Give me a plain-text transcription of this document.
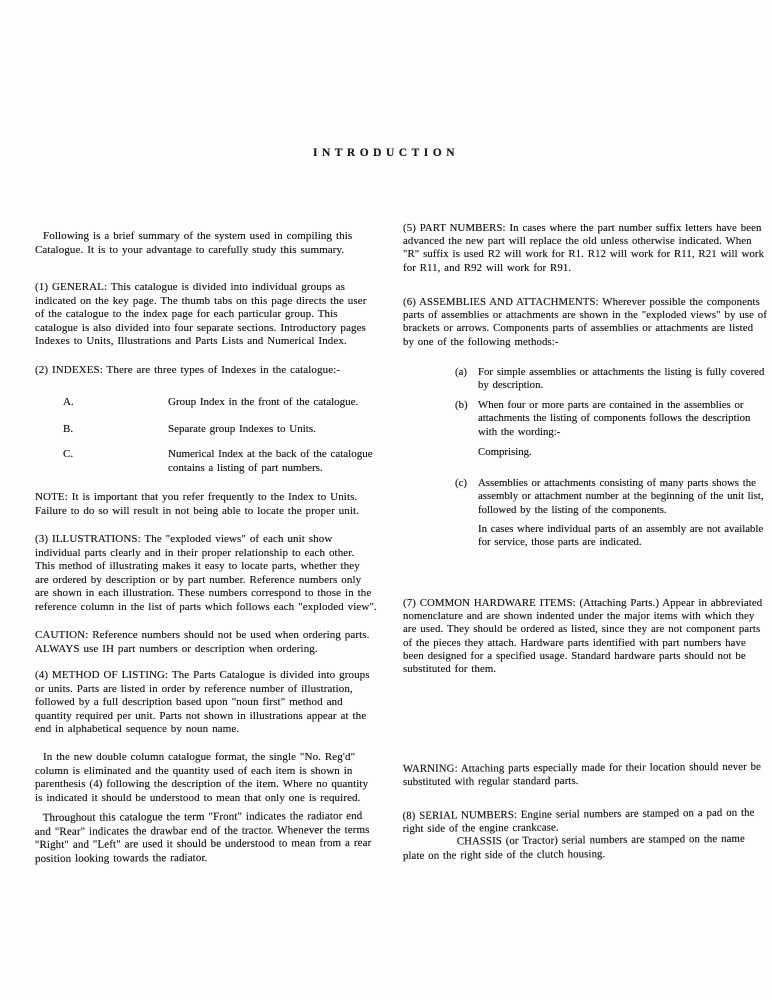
INTRODUCTION
Following is a brief summary of the system used in compiling this Catalogue. It is to your advantage to carefully study this summary.
(1) GENERAL: This catalogue is divided into individual groups as indicated on the key page. The thumb tabs on this page directs the user of the catalogue to the index page for each particular group. This catalogue is also divided into four separate sections. Introductory pages Indexes to Units, Illustrations and Parts Lists and Numerical Index.
(2) INDEXES: There are three types of Indexes in the catalogue:-
A.	Group Index in the front of the catalogue.
B.	Separate group Indexes to Units.
C.	Numerical Index at the back of the catalogue contains a listing of part numbers.
NOTE: It is important that you refer frequently to the Index to Units. Failure to do so will result in not being able to locate the proper unit.
(3) ILLUSTRATIONS: The "exploded views" of each unit show individual parts clearly and in their proper relationship to each other. This method of illustrating makes it easy to locate parts, whether they are ordered by description or by part number. Reference numbers only are shown in each illustration. These numbers correspond to those in the reference column in the list of parts which follows each "exploded view".
CAUTION: Reference numbers should not be used when ordering parts. ALWAYS use IH part numbers or description when ordering.
(4) METHOD OF LISTING: The Parts Catalogue is divided into groups or units. Parts are listed in order by reference number of illustration, followed by a full description based upon "noun first" method and quantity required per unit. Parts not shown in illustrations appear at the end in alphabetical sequence by noun name.
In the new double column catalogue format, the single "No. Reg'd" column is eliminated and the quantity used of each item is shown in parenthesis (4) following the description of the item. Where no quantity is indicated it should be understood to mean that only one is required.
Throughout this catalogue the term "Front" indicates the radiator end and "Rear" indicates the drawbar end of the tractor. Whenever the terms "Right" and "Left" are used it should be understood to mean from a rear position looking towards the radiator.
(5) PART NUMBERS: In cases where the part number suffix letters have been advanced the new part will replace the old unless otherwise indicated. When "R" suffix is used R2 will work for R1. R12 will work for R11, R21 will work for R11, and R92 will work for R91.
(6) ASSEMBLIES AND ATTACHMENTS: Wherever possible the components parts of assemblies or attachments are shown in the "exploded views" by use of brackets or arrows. Components parts of assemblies or attachments are listed by one of the following methods:-
(a)	For simple assemblies or attachments the listing is fully covered by description.
(b) When four or more parts are contained in the assemblies or attachments the listing of components follows the description with the wording:-
Comprising.
(c)	Assemblies or attachments consisting of many parts shows the assembly or attachment number at the beginning of the unit list, followed by the listing of the components.
In cases where individual parts of an assembly are not available for service, those parts are indicated.
(7) COMMON HARDWARE ITEMS: (Attaching Parts.) Appear in abbreviated nomenclature and are shown indented under the major items with which they are used. They should be ordered as listed, since they are not component parts of the pieces they attach. Hardware parts identified with part numbers have been designed for a specified usage. Standard hardware parts should not be substituted for them.
WARNING: Attaching parts especially made for their location should never be substituted with regular standard parts.
(8) SERIAL NUMBERS: Engine serial numbers are stamped on a pad on the right side of the engine crankcase.
CHASSIS (or Tractor) serial numbers are stamped on the name plate on the right side of the clutch housing.
